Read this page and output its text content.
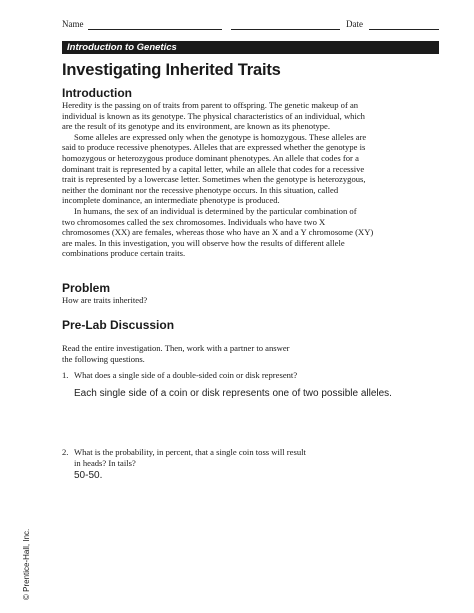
Name	Date
Introduction to Genetics
Investigating Inherited Traits
Introduction
Heredity is the passing on of traits from parent to offspring. The genetic makeup of an
individual is known as its genotype. The physical characteristics of an individual, which
are the result of its genotype and its environment, are known as its phenotype.
Some alleles are expressed only when the genotype is homozygous. These alleles are
said to produce recessive phenotypes. Alleles that are expressed whether the genotype is
homozygous or heterozygous produce dominant phenotypes. An allele that codes for a
dominant trait is represented by a capital letter, while an allele that codes for a recessive
trait is represented by a lowercase letter. Sometimes when the genotype is heterozygous,
neither the dominant nor the recessive phenotype occurs. In this situation, called
incomplete dominance, an intermediate phenotype is produced.
In humans, the sex of an individual is determined by the particular combination of
two chromosomes called the sex chromosomes. Individuals who have two X
chromosomes (XX) are females, whereas those who have an X and a Y chromosome (XY)
are males. In this investigation, you will observe how the results of different allele
combinations produce certain traits.
Problem
How are traits inherited?
Pre-Lab Discussion
Read the entire investigation. Then, work with a partner to answer
the following questions.
1. What does a single side of a double-sided coin or disk represent?
Each single side of a coin or disk represents one of two possible alleles.
2. What is the probability, in percent, that a single coin toss will result
in heads? In tails?
50-50.
© Prentice-Hall, Inc.
